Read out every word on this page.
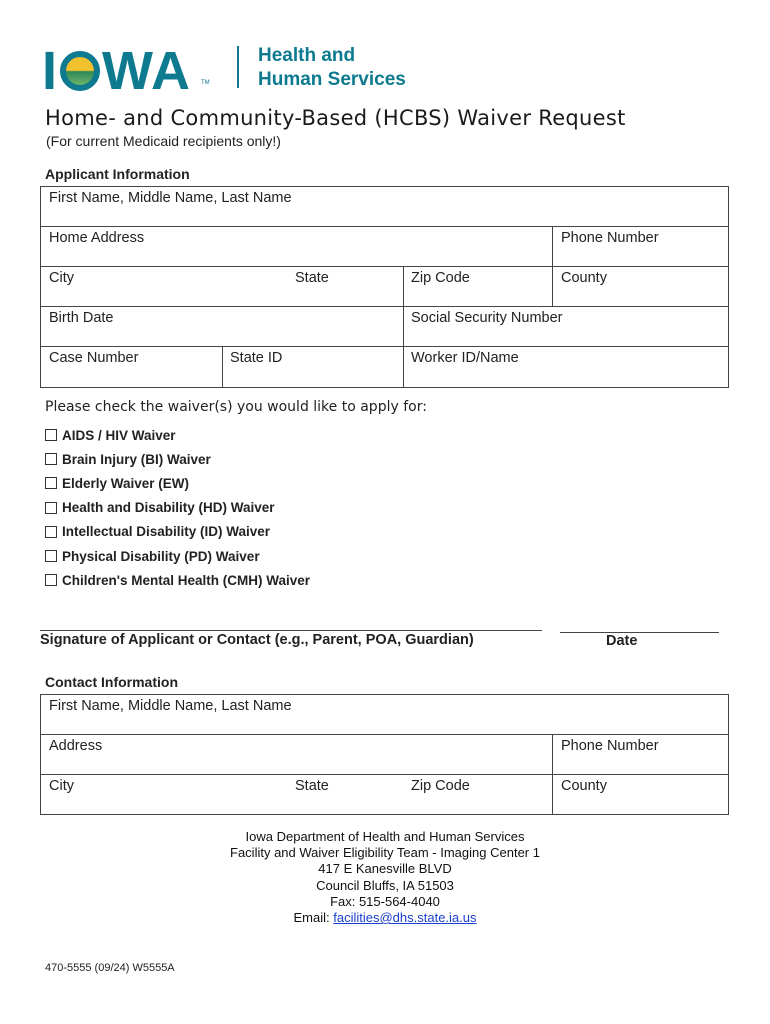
I WA TM
Health and
Human Services
Home- and Community-Based (HCBS) Waiver Request
(For current Medicaid recipients only!)
Applicant Information
First Name, Middle Name, Last Name
Home Address	Phone Number
City	State	Zip Code	County
Birth Date	Social Security Number
Case Number	State ID	Worker ID/Name
Please check the waiver(s) you would like to apply for:
AIDS / HIV Waiver
Brain Injury (BI) Waiver
Elderly Waiver (EW)
Health and Disability (HD) Waiver
Intellectual Disability (ID) Waiver
Physical Disability (PD) Waiver
Children's Mental Health (CMH) Waiver
Signature of Applicant or Contact (e.g., Parent, POA, Guardian)	Date
Contact Information
First Name, Middle Name, Last Name
Address	Phone Number
City	State	Zip Code	County
Iowa Department of Health and Human Services
Facility and Waiver Eligibility Team - Imaging Center 1
417 E Kanesville BLVD
Council Bluffs, IA 51503
Fax: 515-564-4040
Email: facilities@dhs.state.ia.us
470-5555 (09/24) W5555A
